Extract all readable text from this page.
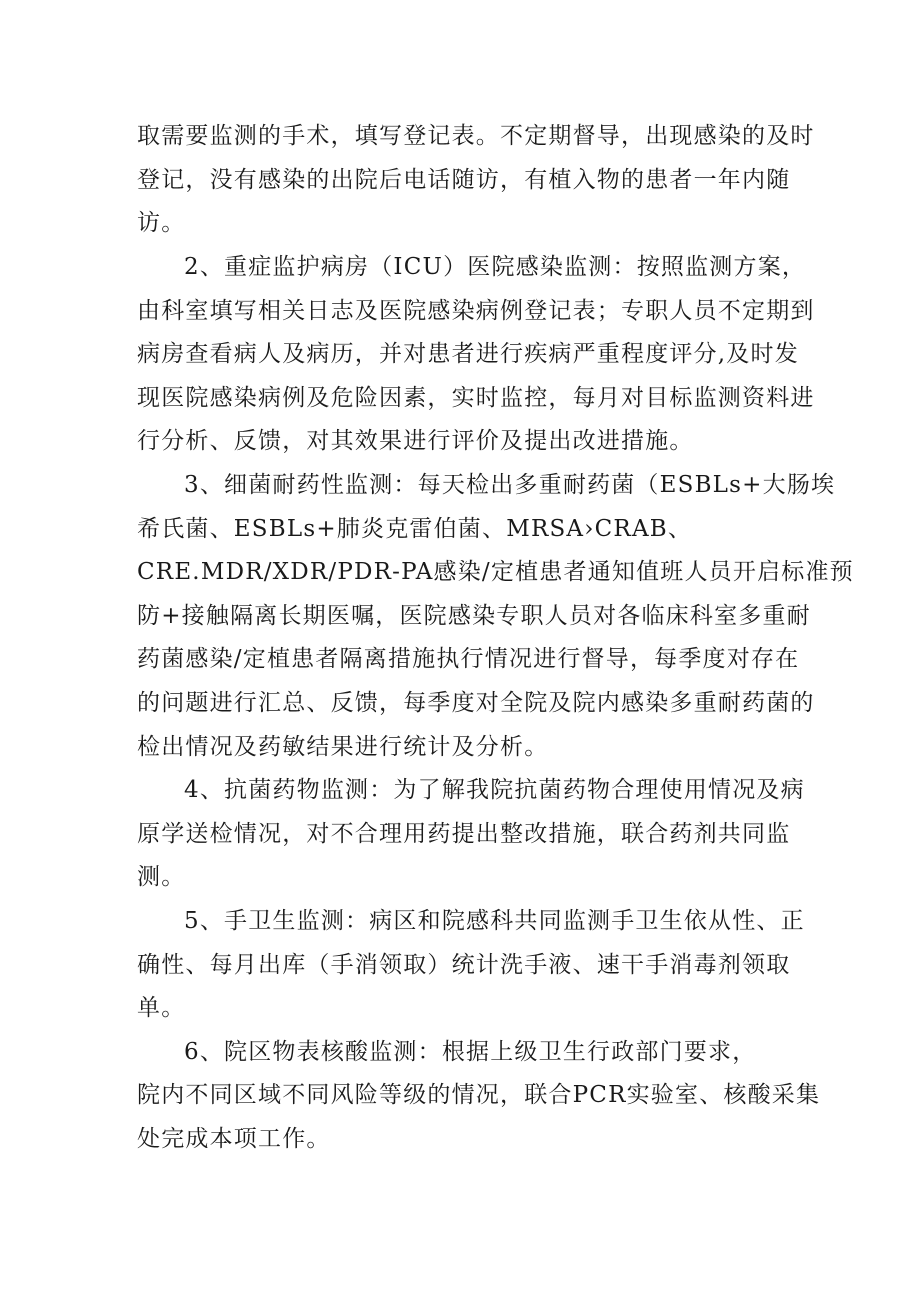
取需要监测的手术，填写登记表。不定期督导，出现感染的及时

登记，没有感染的出院后电话随访，有植入物的患者一年内随

访。

2、重症监护病房（ICU）医院感染监测：按照监测方案，

由科室填写相关日志及医院感染病例登记表；专职人员不定期到

病房查看病人及病历，并对患者进行疾病严重程度评分,及时发

现医院感染病例及危险因素，实时监控，每月对目标监测资料进

行分析、反馈，对其效果进行评价及提出改进措施。

3、细菌耐药性监测：每天检出多重耐药菌（ESBLs+大肠埃

希氏菌、ESBLs+肺炎克雷伯菌、MRSA›CRAB、

CRE.MDR/XDR/PDR-PA感染/定植患者通知值班人员开启标准预

防+接触隔离长期医嘱，医院感染专职人员对各临床科室多重耐

药菌感染/定植患者隔离措施执行情况进行督导，每季度对存在

的问题进行汇总、反馈，每季度对全院及院内感染多重耐药菌的

检出情况及药敏结果进行统计及分析。

4、抗菌药物监测：为了解我院抗菌药物合理使用情况及病

原学送检情况，对不合理用药提出整改措施，联合药剂共同监

测。

5、手卫生监测：病区和院感科共同监测手卫生依从性、正

确性、每月出库（手消领取）统计洗手液、速干手消毒剂领取

单。

6、院区物表核酸监测：根据上级卫生行政部门要求，

院内不同区域不同风险等级的情况，联合PCR实验室、核酸采集

处完成本项工作。
